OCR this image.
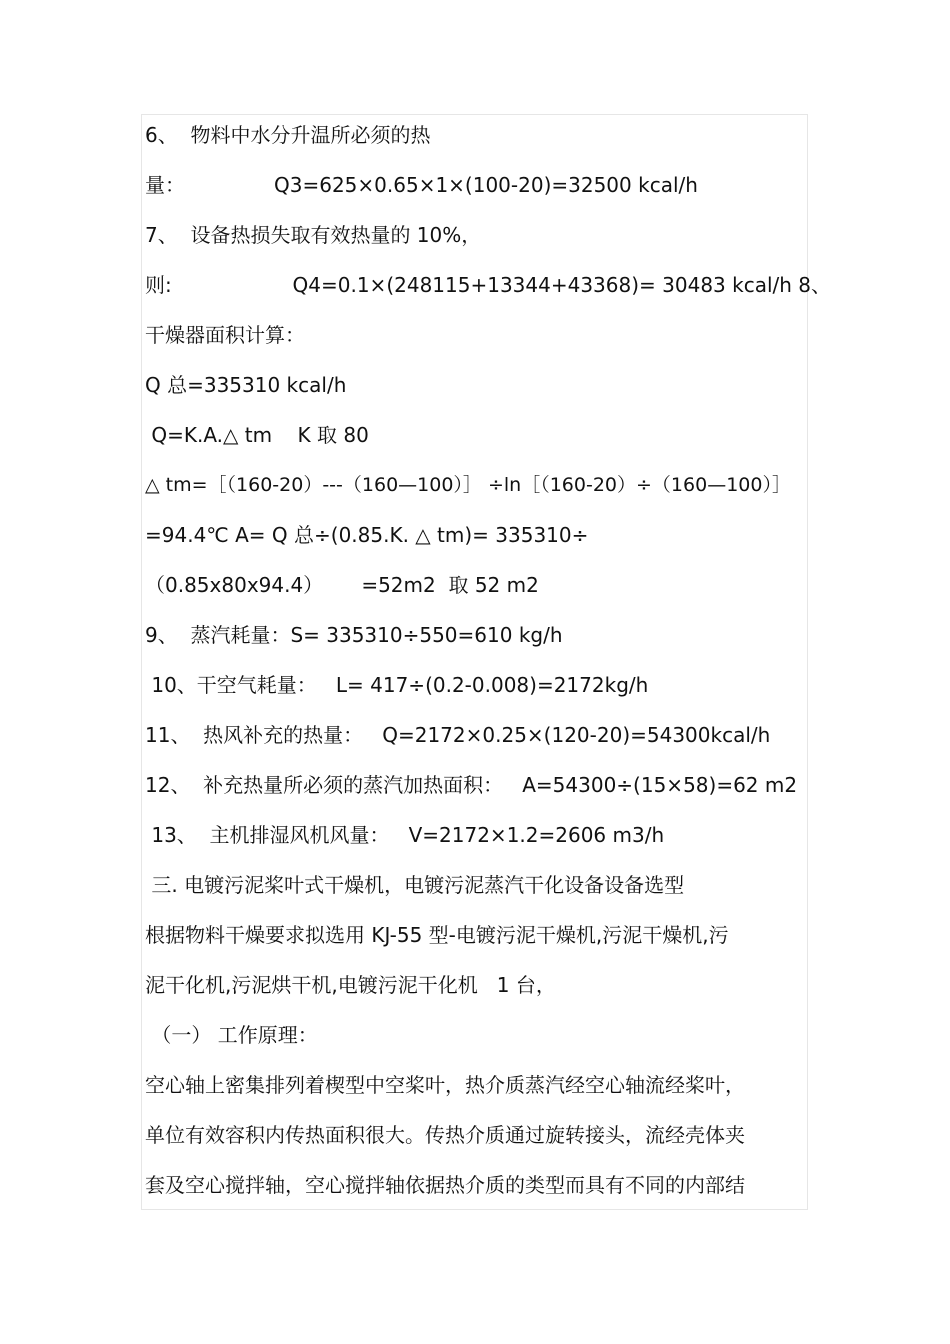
6、  物料中水分升温所必须的热
量：              Q3=625×0.65×1×(100-20)=32500 kcal/h
7、  设备热损失取有效热量的 10%，
则:                   Q4=0.1×(248115+13344+43368)= 30483 kcal/h 8、
干燥器面积计算：
Q 总=335310 kcal/h
Q=K.A.△ tm    K 取 80
△ tm=［（160-20）---（160—100）］ ÷ln［（160-20）÷（160—100）］
=94.4℃ A= Q 总÷(0.85.K. △ tm)= 335310÷
（0.85x80x94.4）      =52m2  取 52 m2
9、  蒸汽耗量：S= 335310÷550=610 kg/h
10、干空气耗量：   L= 417÷(0.2-0.008)=2172kg/h
11、  热风补充的热量：   Q=2172×0.25×(120-20)=54300kcal/h
12、  补充热量所必须的蒸汽加热面积：   A=54300÷(15×58)=62 m2
13、  主机排湿风机风量：   V=2172×1.2=2606 m3/h
三. 电镀污泥桨叶式干燥机，电镀污泥蒸汽干化设备设备选型
根据物料干燥要求拟选用 KJ-55 型-电镀污泥干燥机,污泥干燥机,污
泥干化机,污泥烘干机,电镀污泥干化机   1 台，
（一） 工作原理：
空心轴上密集排列着楔型中空桨叶，热介质蒸汽经空心轴流经桨叶，
单位有效容积内传热面积很大。传热介质通过旋转接头，流经壳体夹
套及空心搅拌轴，空心搅拌轴依据热介质的类型而具有不同的内部结
